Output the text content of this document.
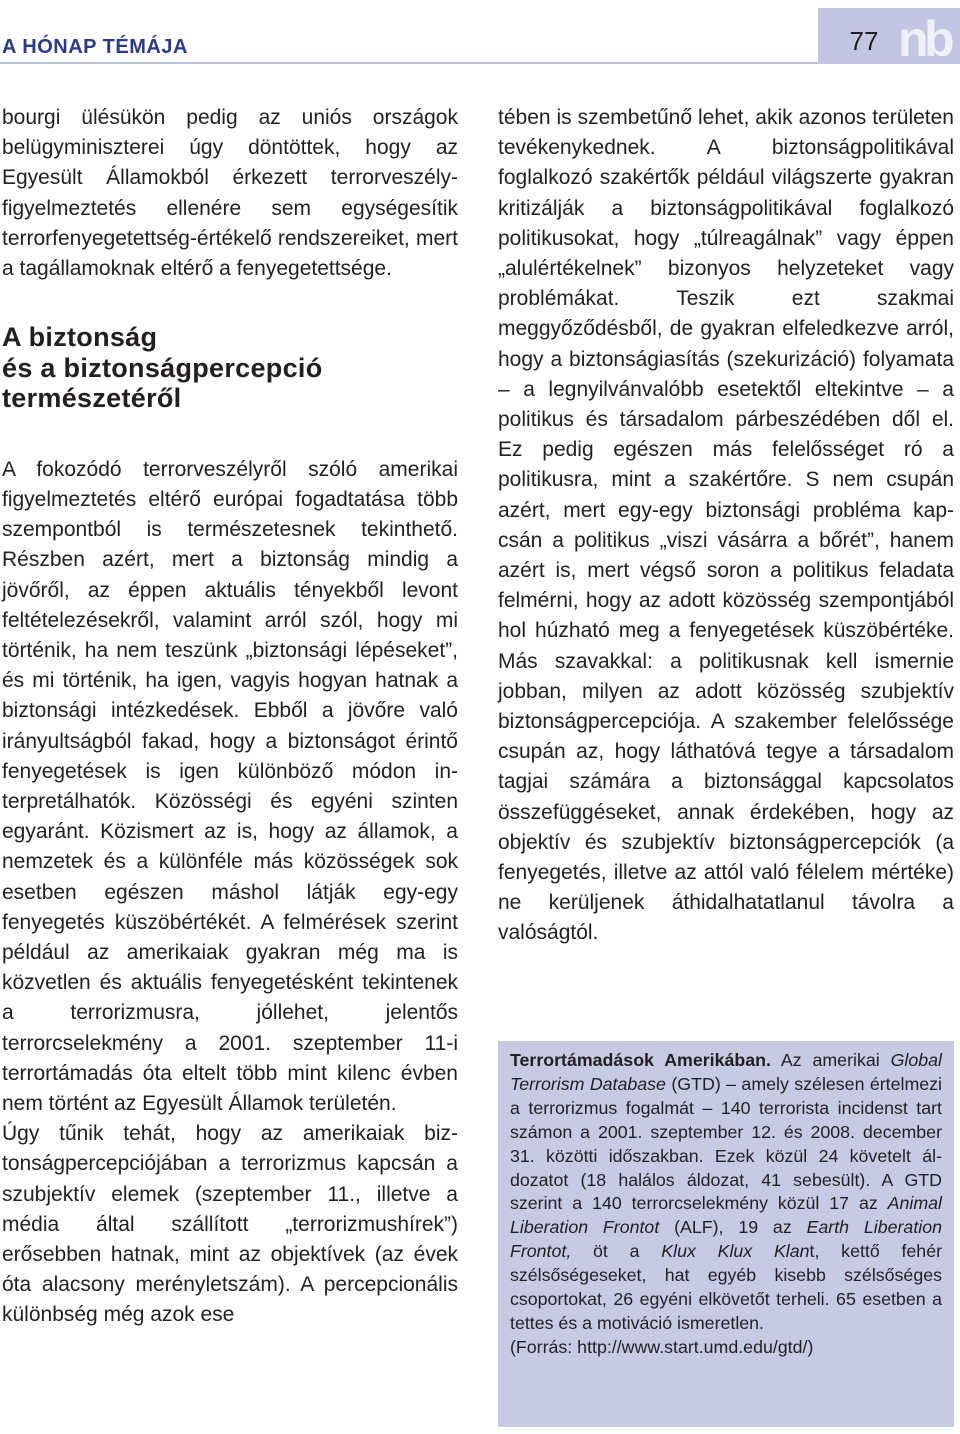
A HÓNAP TÉMÁJA	77 n
b

bourgi ülésükön pedig az uniós országok belügyminiszterei úgy döntöttek, hogy az Egyesült Államokból érkezett terrorveszély-figyelmeztetés ellenére sem egységesítik terrorfenyegetettség-értékelő rendszereiket, mert a tagállamoknak eltérő a fenyegetettsége.

A biztonság
és a biztonságpercepció
természetéről

A fokozódó terrorveszélyről szóló amerikai figyelmeztetés eltérő európai fogadtatása több szempontból is természetesnek tekinthető. Részben azért, mert a biztonság mindig a jövőről, az éppen aktuális tényekből levont feltételezésekről, valamint arról szól, hogy mi történik, ha nem teszünk „biztonsági lépéseket”, és mi történik, ha igen, vagyis hogyan hatnak a biztonsági intézkedések. Ebből a jövőre való irányultságból fakad, hogy a biztonságot érintő fenyegetések is igen különböző módon interpretálhatók. Közösségi és egyéni szinten egyaránt. Közismert az is, hogy az államok, a nemzetek és a különféle más közösségek sok esetben egészen máshol látják egy-egy fenyegetés küszöbértékét. A felmérések szerint például az amerikaiak gyakran még ma is közvetlen és aktuális fenyegetésként tekintenek a terrorizmusra, jóllehet, jelentős terrorcselekmény a 2001. szeptember 11-i terrortámadás óta eltelt több mint kilenc évben nem történt az Egyesült Államok területén.

Úgy tűnik tehát, hogy az amerikaiak biztonságpercepciójában a terrorizmus kapcsán a szubjektív elemek (szeptember 11., illetve a média által szállított „terrorizmushírek”) erősebben hatnak, mint az objektívek (az évek óta alacsony merényletszám). A percepcionális különbség még azok ese

tében is szembetűnő lehet, akik azonos területen tevékenykednek. A biztonságpolitikával foglalkozó szakértők például világszerte gyakran kritizálják a biztonságpolitikával foglalkozó politikusokat, hogy „túlreagálnak” vagy éppen „alulértékelnek” bizonyos helyzeteket vagy problémákat. Teszik ezt szakmai meggyőződésből, de gyakran elfeledkezve arról, hogy a biztonságiasítás (szekurizáció) folyamata – a legnyilvánvalóbb esetektől eltekintve – a politikus és társadalom párbeszédében dől el. Ez pedig egészen más felelősséget ró a politikusra, mint a szakértőre. S nem csupán azért, mert egy-egy biztonsági probléma kapcsán a politikus „viszi vásárra a bőrét”, hanem azért is, mert végső soron a politikus feladata felmérni, hogy az adott közösség szempontjából hol húzható meg a fenyegetések küszöbértéke. Más szavakkal: a politikusnak kell ismernie jobban, milyen az adott közösség szubjektív biztonságpercepciója. A szakember felelőssége csupán az, hogy láthatóvá tegye a társadalom tagjai számára a biztonsággal kapcsolatos összefüggéseket, annak érdekében, hogy az objektív és szubjektív biztonságpercepciók (a fenyegetés, illetve az attól való félеlem mértéke) ne kerüljenek áthidalhatatlanul távolra a valóságtól.

Terrortámadások Amerikában. Az amerikai Global Terrorism Database (GTD) – amely szélesen értelmezi a terrorizmus fogalmát – 140 terrorista incidenst tart számon a 2001. szeptember 12. és 2008. december 31. közötti időszakban. Ezek közül 24 követelt áldozatot (18 halálos áldozat, 41 sebesült). A GTD szerint a 140 terrorcselekmény közül 17 az Animal Liberation Frontot (ALF), 19 az Earth Liberation Frontot, öt a Klux Klux Klant, kettő fehér szélsőségeseket, hat egyéb kisebb szélsőséges csoportokat, 26 egyéni elkövetőt terheli. 65 esetben a tettes és a motiváció ismeretlen.

(Forrás: http://www.start.umd.edu/gtd/)
